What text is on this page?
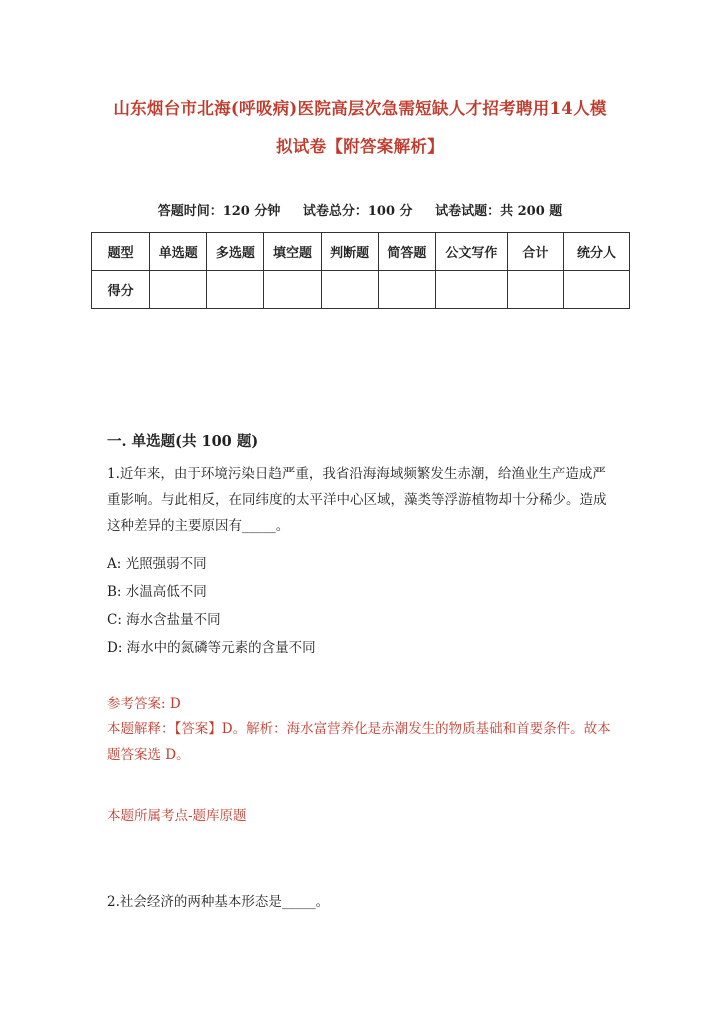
山东烟台市北海(呼吸病)医院高层次急需短缺人才招考聘用14人模
拟试卷【附答案解析】
答题时间：120 分钟 试卷总分：100 分 试卷试题：共 200 题
题型	单选题	多选题	填空题	判断题	简答题	公文写作	合计	统分人
得分								
一. 单选题(共 100 题)
1.近年来，由于环境污染日趋严重，我省沿海海域频繁发生赤潮，给渔业生产造成严重影响。与此相反，在同纬度的太平洋中心区域，藻类等浮游植物却十分稀少。造成这种差异的主要原因有_____。
A: 光照强弱不同
B: 水温高低不同
C: 海水含盐量不同
D: 海水中的氮磷等元素的含量不同
参考答案: D
本题解释：【答案】D。解析：海水富营养化是赤潮发生的物质基础和首要条件。故本题答案选 D。
本题所属考点-题库原题
2.社会经济的两种基本形态是_____。
